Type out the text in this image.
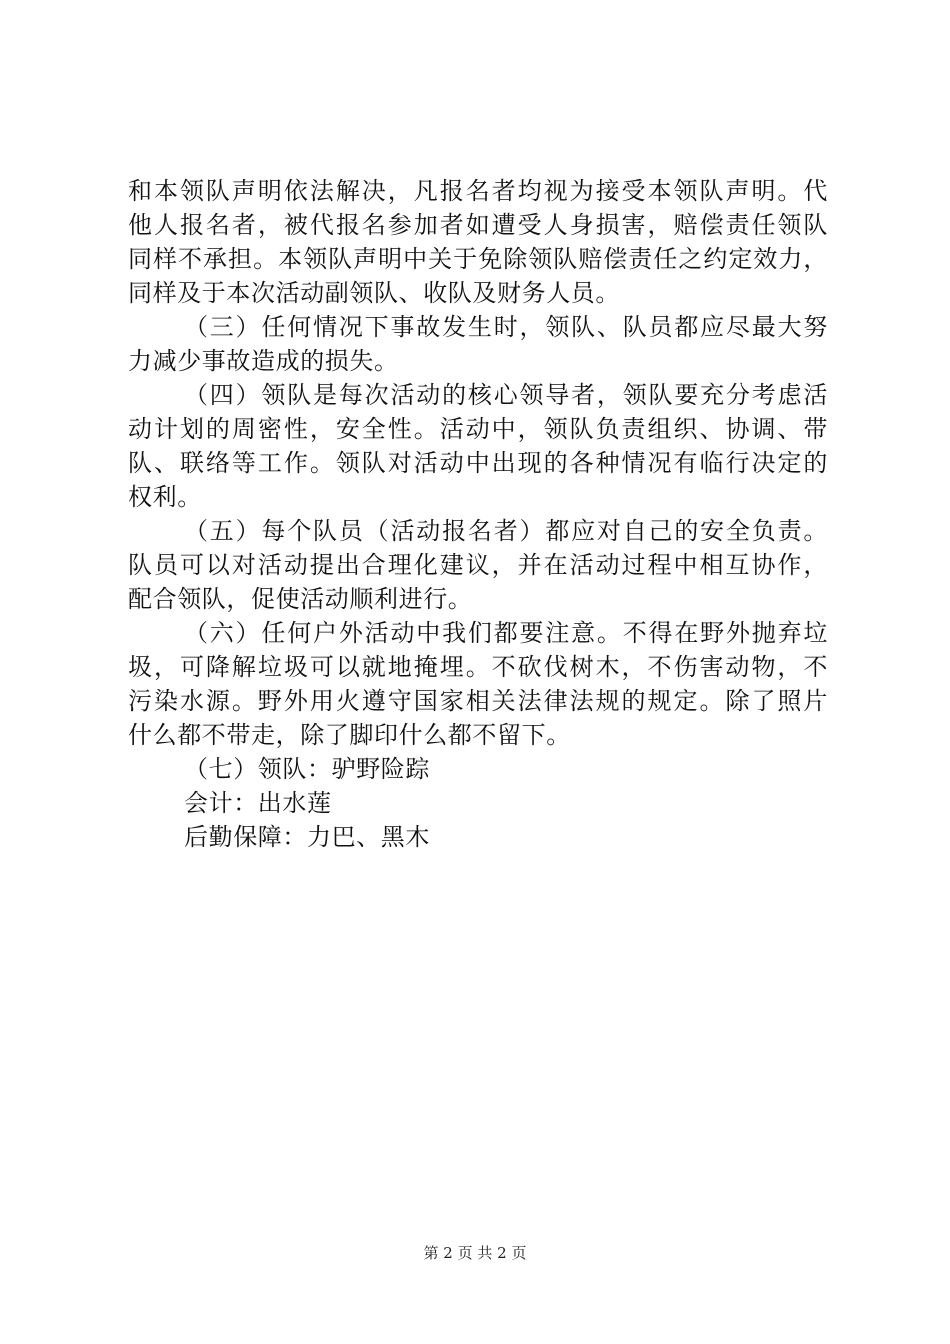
和本领队声明依法解决，凡报名者均视为接受本领队声明。代
他人报名者，被代报名参加者如遭受人身损害，赔偿责任领队
同样不承担。本领队声明中关于免除领队赔偿责任之约定效力，
同样及于本次活动副领队、收队及财务人员。
（三）任何情况下事故发生时，领队、队员都应尽最大努
力减少事故造成的损失。
（四）领队是每次活动的核心领导者，领队要充分考虑活
动计划的周密性，安全性。活动中，领队负责组织、协调、带
队、联络等工作。领队对活动中出现的各种情况有临行决定的
权利。
（五）每个队员（活动报名者）都应对自己的安全负责。
队员可以对活动提出合理化建议，并在活动过程中相互协作，
配合领队，促使活动顺利进行。
（六）任何户外活动中我们都要注意。不得在野外抛弃垃
圾，可降解垃圾可以就地掩埋。不砍伐树木，不伤害动物，不
污染水源。野外用火遵守国家相关法律法规的规定。除了照片
什么都不带走，除了脚印什么都不留下。
（七）领队：驴野险踪
会计：出水莲
后勤保障：力巴、黑木
第 2 页 共 2 页
